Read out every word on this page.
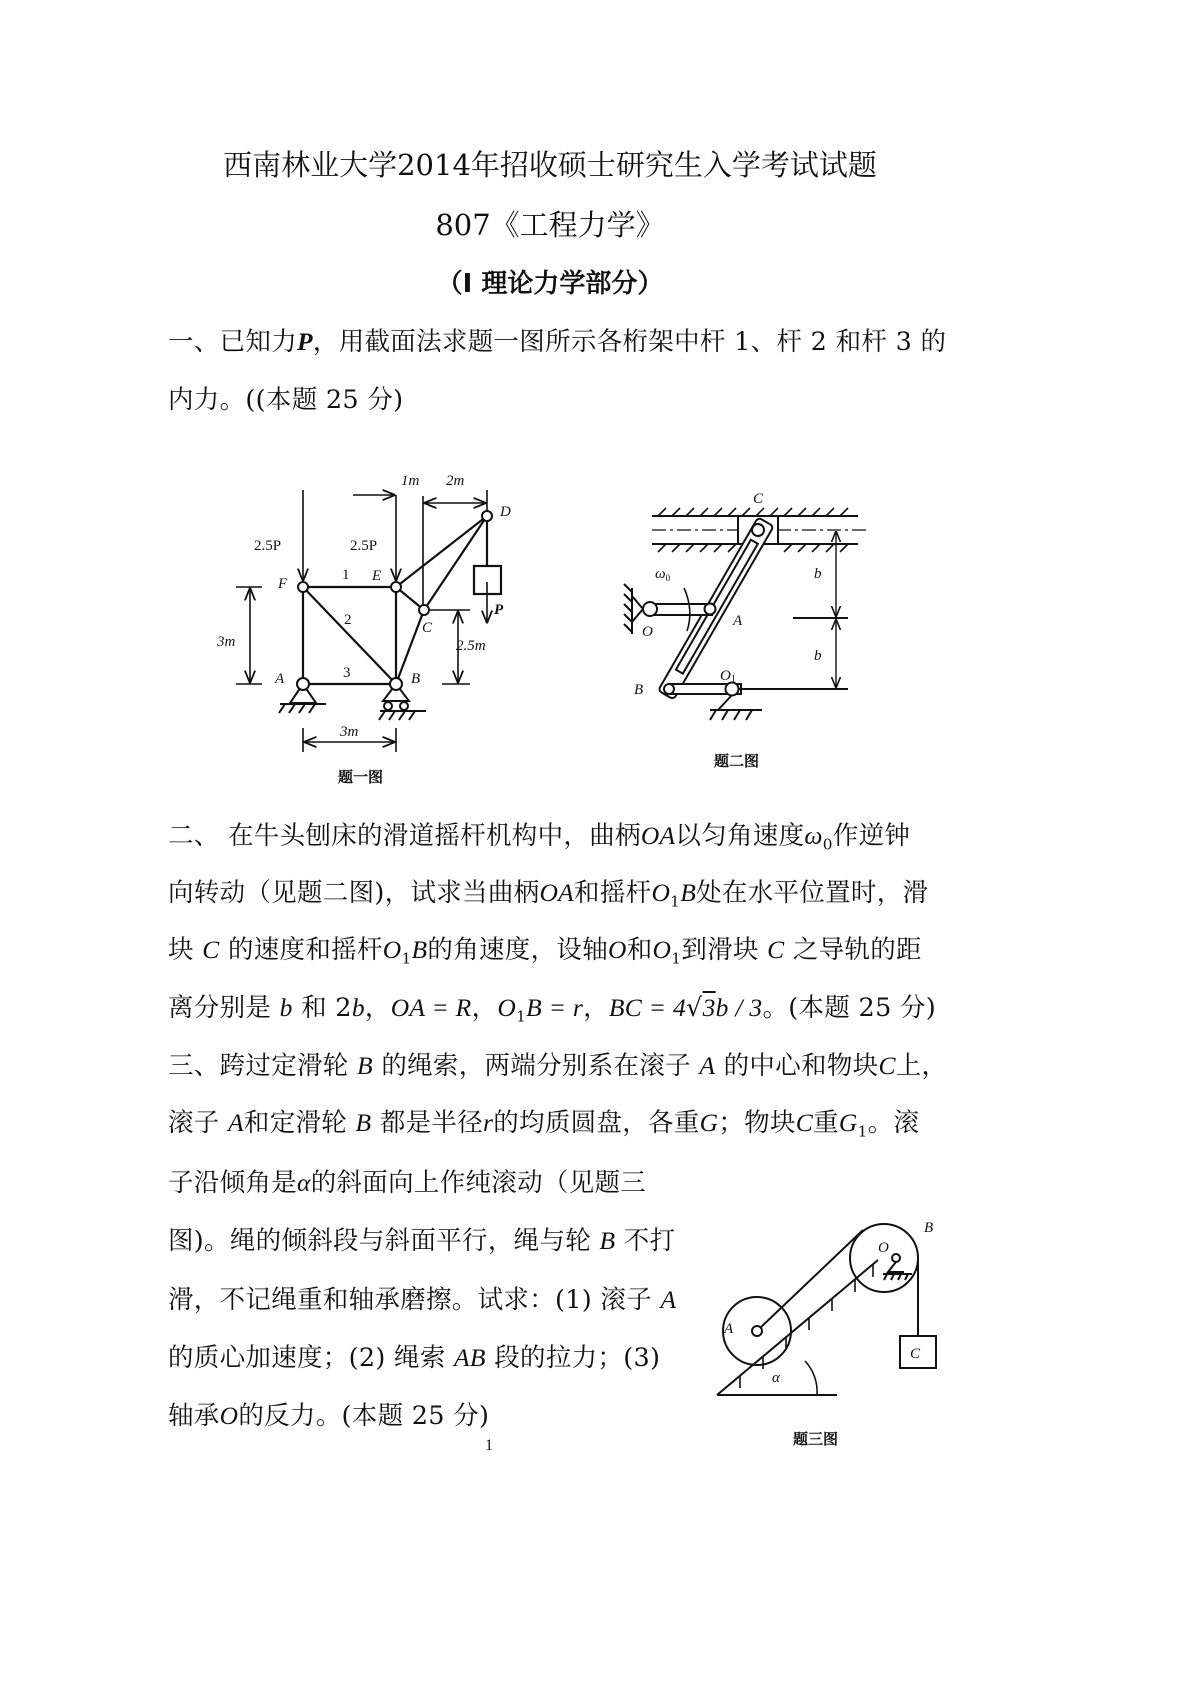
西南林业大学2014年招收硕士研究生入学考试试题
807《工程力学》
（Ⅰ 理论力学部分）
一、已知力P，用截面法求题一图所示各桁架中杆 1、杆 2 和杆 3 的
内力。((本题 25 分)
F	E
A	B
C
D
1
2
3
2.5P	2.5P
P
1m 2m
3m	2.5m
3m
题一图
C
A
O
B
O1
$\omega_0$	b
b
题二图
二、 在牛头刨床的滑道摇杆机构中，曲柄OA以匀角速度$\omega_0$作逆钟
向转动（见题二图)，试求当曲柄OA和摇杆$O_1B$处在水平位置时，滑
块 C 的速度和摇杆$O_1B$的角速度，设轴O和$O_1$到滑块 C 之导轨的距
离分别是 b 和 2b，OA = R，$O_1B = r$，BC = 4√3b / 3。(本题 25 分)
三、跨过定滑轮 B 的绳索，两端分别系在滚子 A 的中心和物块C上，
滚子 A和定滑轮 B 都是半径r的均质圆盘，各重G；物块C重$G_1$。滚
子沿倾角是α的斜面向上作纯滚动（见题三
图)。绳的倾斜段与斜面平行，绳与轮 B 不打
滑，不记绳重和轴承磨擦。试求：(1) 滚子 A
的质心加速度；(2) 绳索 AB 段的拉力；(3)
轴承O的反力。(本题 25 分)
A
O
B
C
α
题三图
1
